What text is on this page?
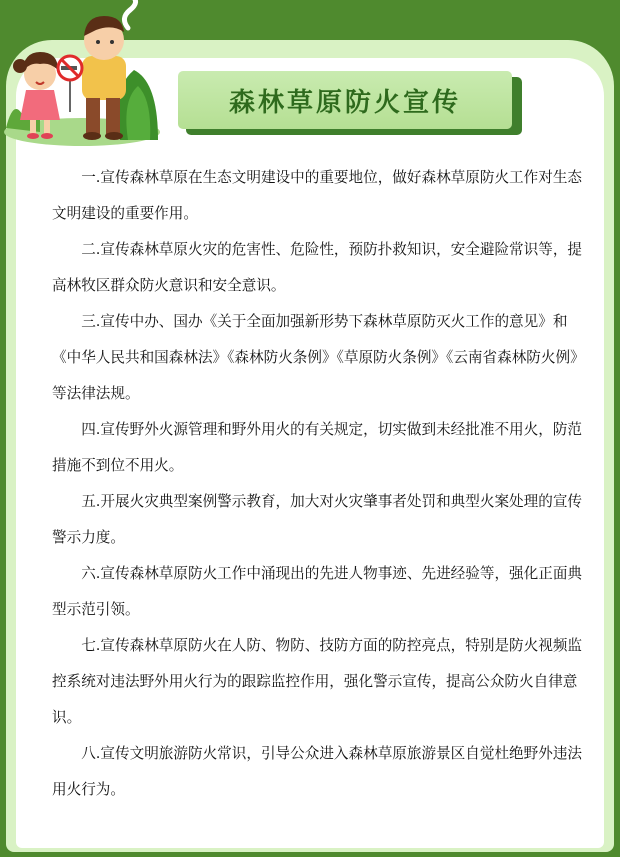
森林草原防火宣传

一.宣传森林草原在生态文明建设中的重要地位，做好森林草原防火工作对生态文明建设的重要作用。

二.宣传森林草原火灾的危害性、危险性，预防扑救知识，安全避险常识等，提高林牧区群众防火意识和安全意识。

三.宣传中办、国办《关于全面加强新形势下森林草原防灭火工作的意见》和《中华人民共和国森林法》《森林防火条例》《草原防火条例》《云南省森林防火例》等法律法规。

四.宣传野外火源管理和野外用火的有关规定，切实做到未经批准不用火，防范措施不到位不用火。

五.开展火灾典型案例警示教育，加大对火灾肇事者处罚和典型火案处理的宣传警示力度。

六.宣传森林草原防火工作中涌现出的先进人物事迹、先进经验等，强化正面典型示范引领。

七.宣传森林草原防火在人防、物防、技防方面的防控亮点，特别是防火视频监控系统对违法野外用火行为的跟踪监控作用，强化警示宣传，提高公众防火自律意识。

八.宣传文明旅游防火常识，引导公众进入森林草原旅游景区自觉杜绝野外违法用火行为。
